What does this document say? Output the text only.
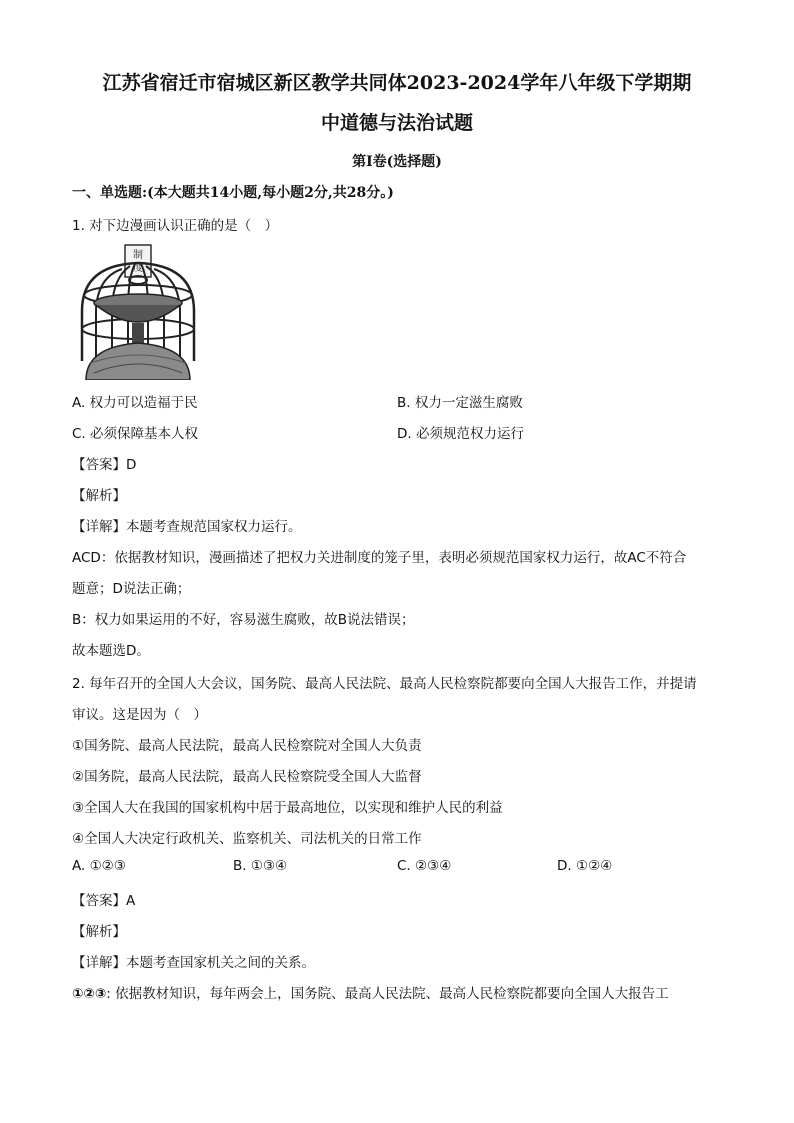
江苏省宿迁市宿城区新区教学共同体2023-2024学年八年级下学期期
中道德与法治试题
第Ⅰ卷(选择题)
一、单选题:(本大题共14小题,每小题2分,共28分。)
1. 对下边漫画认识正确的是（　）
制
度
A. 权力可以造福于民	B. 权力一定滋生腐败
C. 必须保障基本人权	D. 必须规范权力运行
【答案】D
【解析】
【详解】本题考查规范国家权力运行。
ACD：依据教材知识，漫画描述了把权力关进制度的笼子里，表明必须规范国家权力运行，故AC不符合
题意；D说法正确；
B：权力如果运用的不好，容易滋生腐败，故B说法错误；
故本题选D。
2. 每年召开的全国人大会议，国务院、最高人民法院、最高人民检察院都要向全国人大报告工作，并提请
审议。这是因为（　）
①国务院、最高人民法院，最高人民检察院对全国人大负责
②国务院，最高人民法院，最高人民检察院受全国人大监督
③全国人大在我国的国家机构中居于最高地位，以实现和维护人民的利益
④全国人大决定行政机关、监察机关、司法机关的日常工作
A. ①②③	B. ①③④	C. ②③④	D. ①②④
【答案】A
【解析】
【详解】本题考查国家机关之间的关系。
①②③: 依据教材知识，每年两会上，国务院、最高人民法院、最高人民检察院都要向全国人大报告工
